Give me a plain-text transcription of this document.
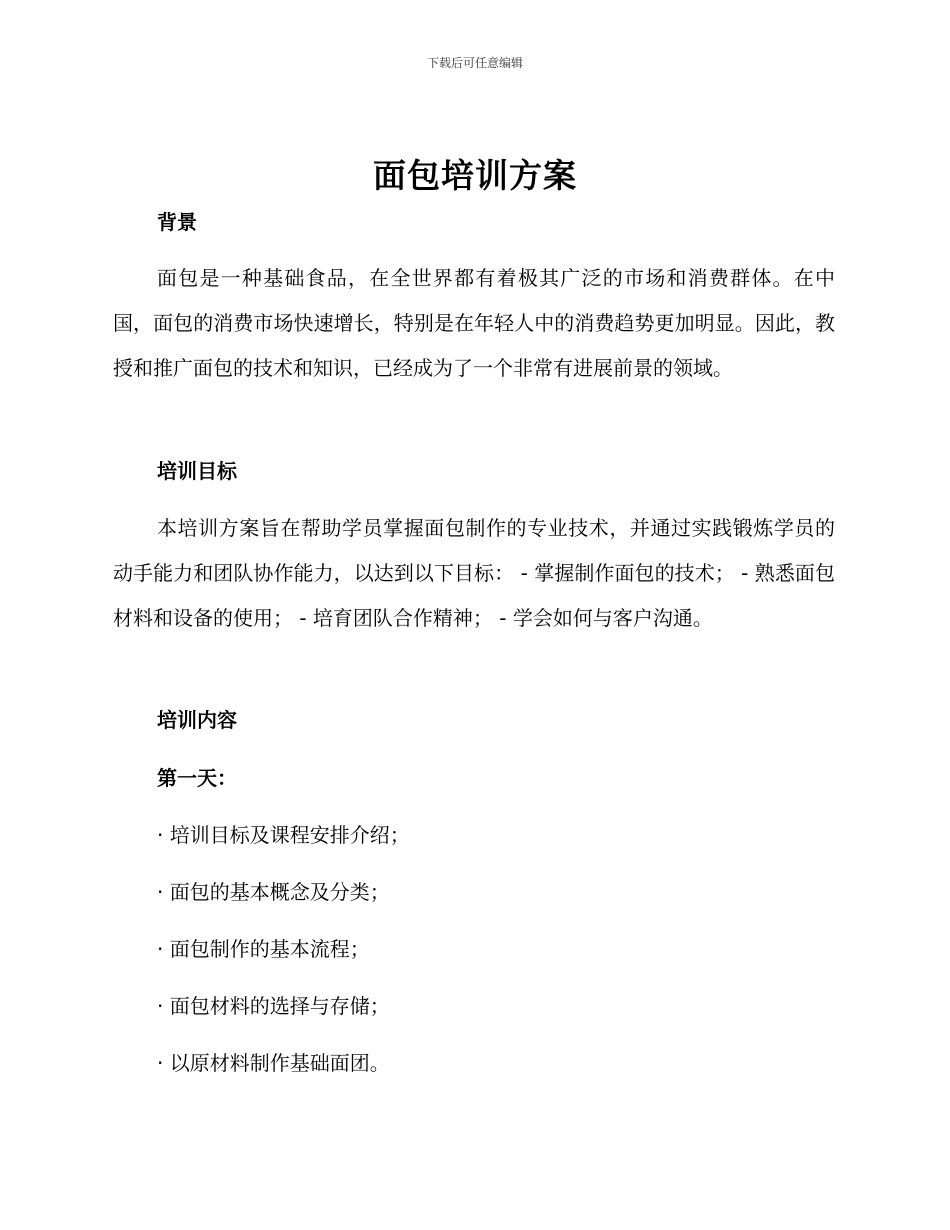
下载后可任意编辑
面包培训方案
背景
面包是一种基础食品，在全世界都有着极其广泛的市场和消费群体。在中国，面包的消费市场快速增长，特别是在年轻人中的消费趋势更加明显。因此，教授和推广面包的技术和知识，已经成为了一个非常有进展前景的领域。
培训目标
本培训方案旨在帮助学员掌握面包制作的专业技术，并通过实践锻炼学员的动手能力和团队协作能力，以达到以下目标： - 掌握制作面包的技术； - 熟悉面包材料和设备的使用； - 培育团队合作精神； - 学会如何与客户沟通。
培训内容
第一天：
· 培训目标及课程安排介绍；
· 面包的基本概念及分类；
· 面包制作的基本流程；
· 面包材料的选择与存储；
· 以原材料制作基础面团。
